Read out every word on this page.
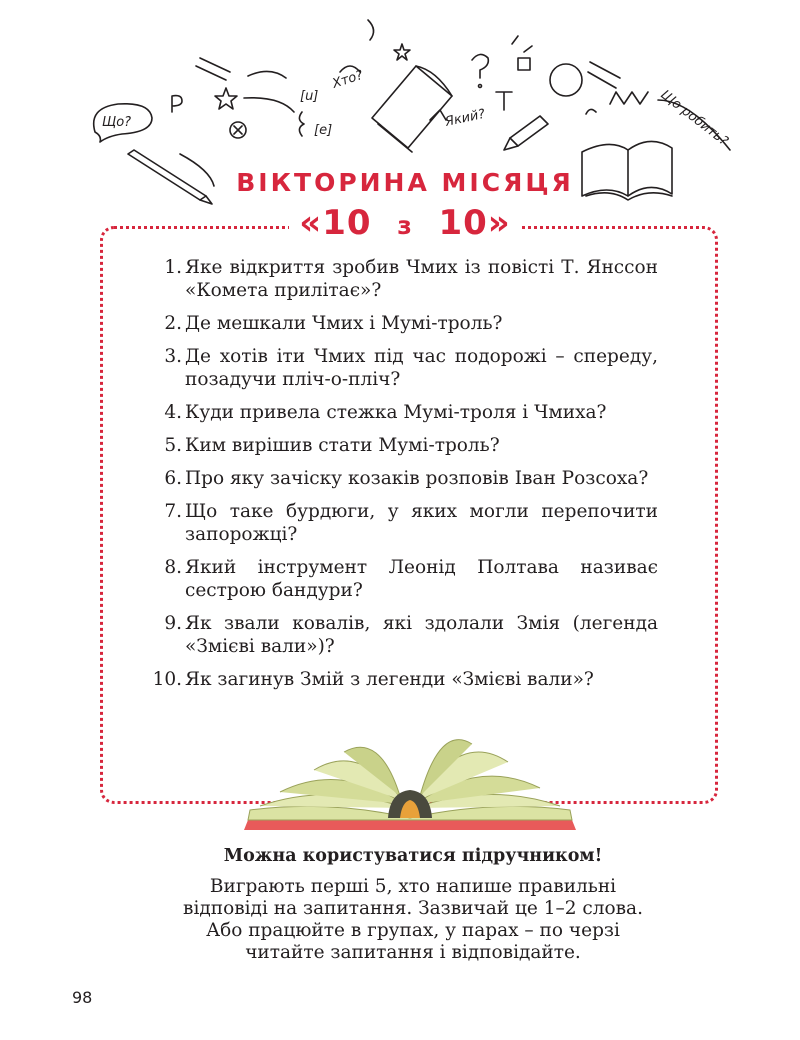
Що?
Хто?
Який?	Що робить?
[u]
[e]
ВІКТОРИНА МІСЯЦЯ
«10 з 10»
1. Яке відкриття зробив Чмих із повісті Т. Янссон «Комета прилітає»?
2. Де мешкали Чмих і Мумі-троль?
3. Де хотів іти Чмих під час подорожі – спереду, позадучи пліч-о-пліч?
4. Куди привела стежка Мумі-троля і Чмиха?
5. Ким вирішив стати Мумі-троль?
6. Про яку зачіску козаків розповів Іван Розсоха?
7. Що таке бурдюги, у яких могли перепочити запорожці?
8. Який інструмент Леонід Полтава називає сестрою бандури?
9. Як звали ковалів, які здолали Змія (легенда «Змієві вали»)?
10. Як загинув Змій з легенди «Змієві вали»?
Можна користуватися підручником!
Виграють перші 5, хто напише правильні
відповіді на запитання. Зазвичай це 1–2 слова.
Або працюйте в групах, у парах – по черзі
читайте запитання і відповідайте.
98
